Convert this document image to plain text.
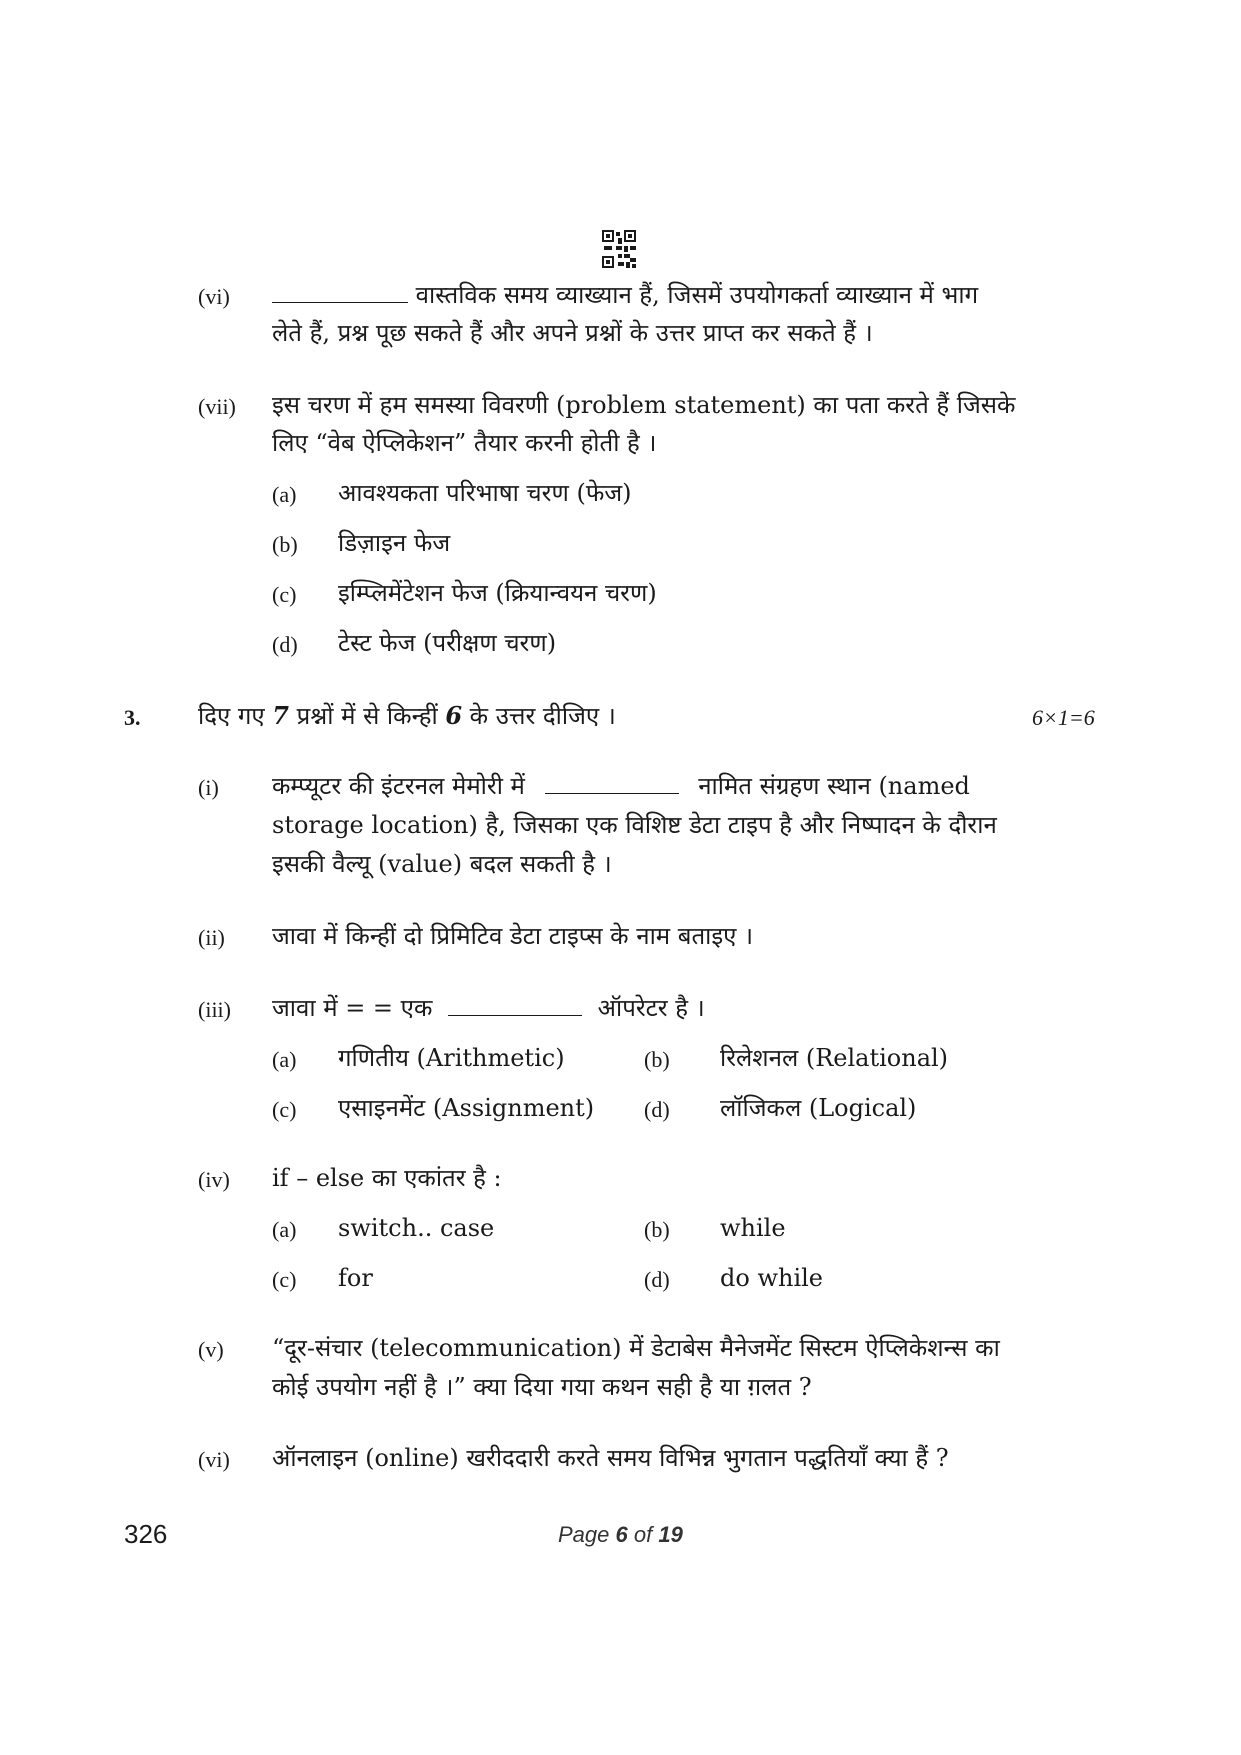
(vi)	वास्तविक समय व्याख्यान हैं, जिसमें उपयोगकर्ता व्याख्यान में भाग
लेते हैं, प्रश्न पूछ सकते हैं और अपने प्रश्नों के उत्तर प्राप्त कर सकते हैं ।
(vii) इस चरण में हम समस्या विवरणी (problem statement) का पता करते हैं जिसके
लिए “वेब ऐप्लिकेशन” तैयार करनी होती है ।
(a) आवश्यकता परिभाषा चरण (फेज)
(b) डिज़ाइन फेज
(c) इम्प्लिमेंटेशन फेज (क्रियान्वयन चरण)
(d) टेस्ट फेज (परीक्षण चरण)
3. दिए गए 7 प्रश्नों में से किन्हीं 6 के उत्तर दीजिए ।	6×1=6
(i) कम्प्यूटर की इंटरनल मेमोरी में	नामित संग्रहण स्थान (named
storage location) है, जिसका एक विशिष्ट डेटा टाइप है और निष्पादन के दौरान
इसकी वैल्यू (value) बदल सकती है ।
(ii) जावा में किन्हीं दो प्रिमिटिव डेटा टाइप्स के नाम बताइए ।
(iii) जावा में = = एक	ऑपरेटर है ।
(a) गणितीय (Arithmetic)	(b) रिलेशनल (Relational)
(c) एसाइनमेंट (Assignment) (d) लॉजिकल (Logical)
(iv) if – else का एकांतर है :
(a) switch.. case	(b) while
(c) for	(d) do while
(v) “दूर-संचार (telecommunication) में डेटाबेस मैनेजमेंट सिस्टम ऐप्लिकेशन्स का
कोई उपयोग नहीं है ।” क्या दिया गया कथन सही है या ग़लत ?
(vi) ऑनलाइन (online) खरीददारी करते समय विभिन्न भुगतान पद्धतियाँ क्या हैं ?
326	Page 6 of 19
